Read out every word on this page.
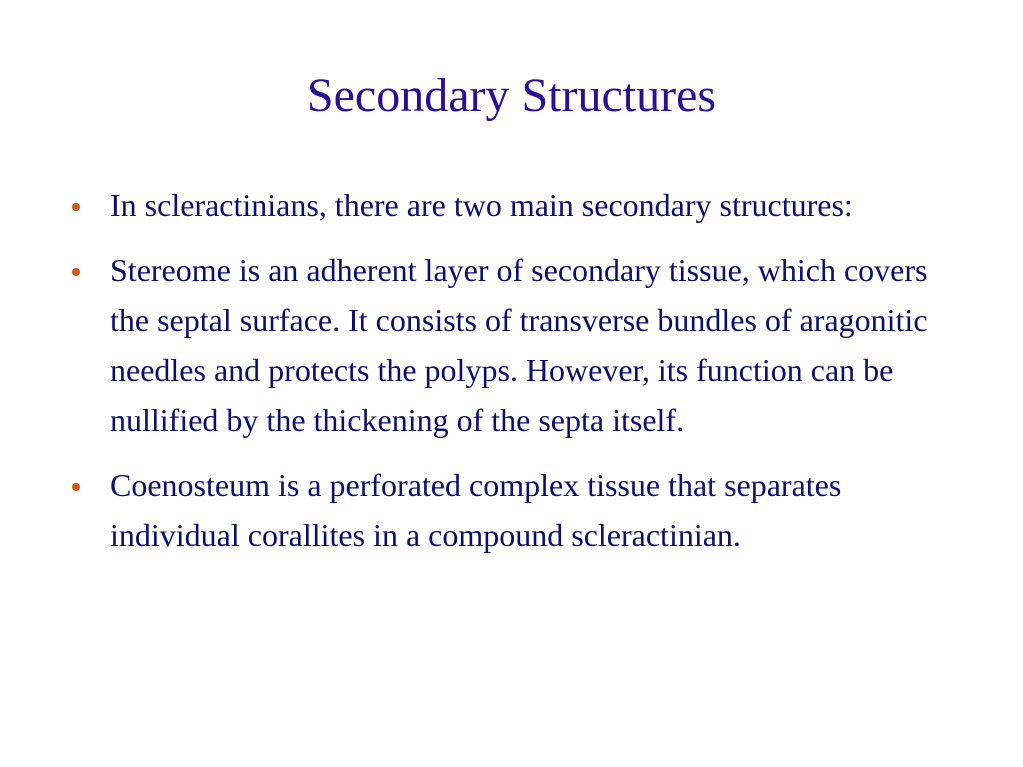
Secondary Structures
In scleractinians, there are two main secondary structures:
Stereome is an adherent layer of secondary tissue, which covers the septal surface. It consists of transverse bundles of aragonitic needles and protects the polyps. However, its function can be nullified by the thickening of the septa itself.
Coenosteum is a perforated complex tissue that separates individual corallites in a compound scleractinian.
